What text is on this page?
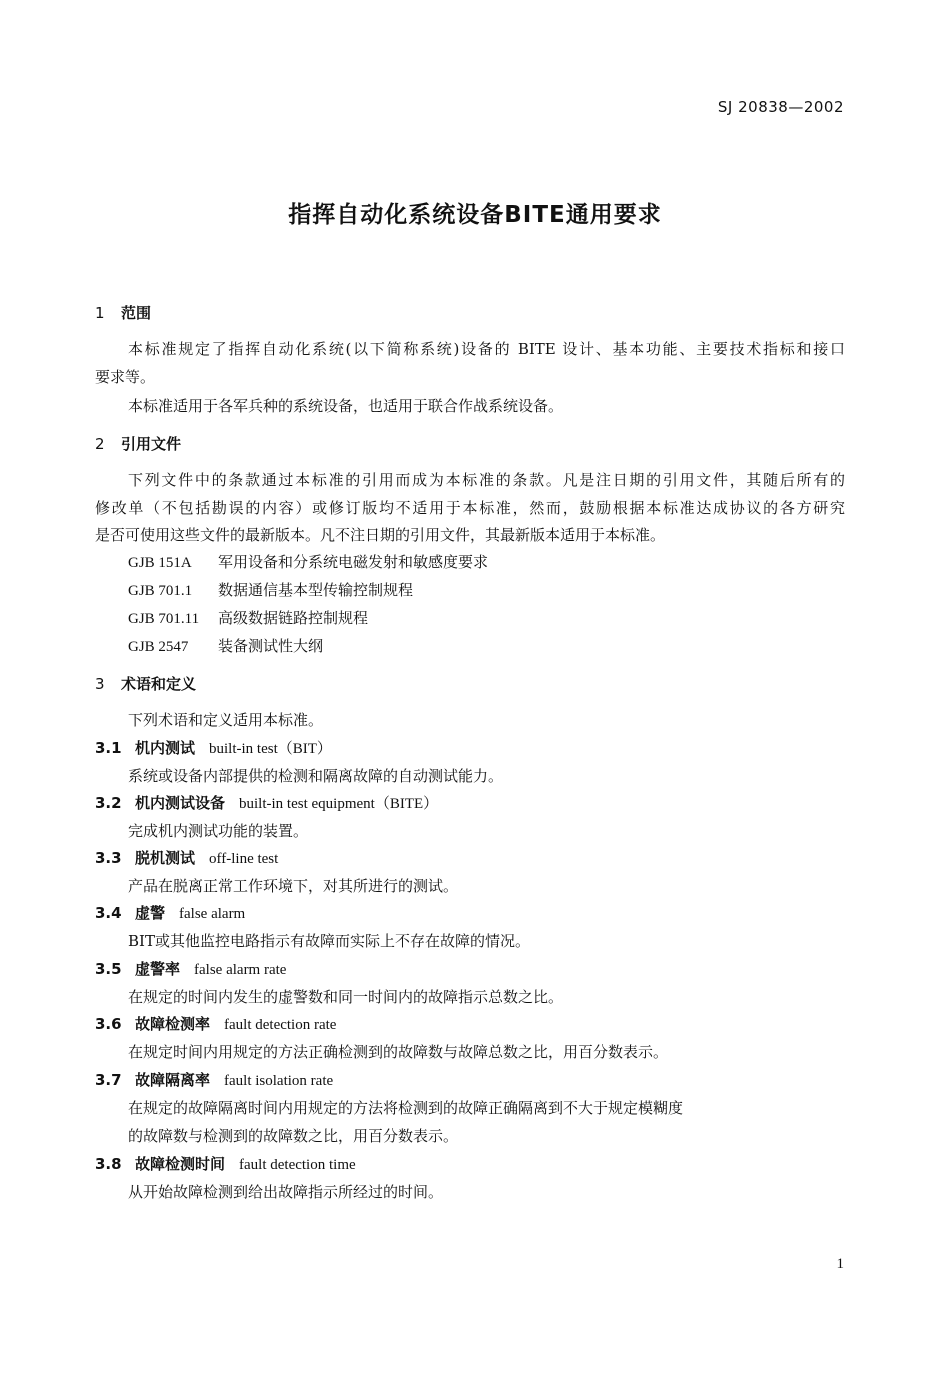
SJ 20838—2002
指挥自动化系统设备BITE通用要求
1 范围
本标准规定了指挥自动化系统(以下简称系统)设备的 BITE 设计、基本功能、主要技术指标和接口
要求等。
本标准适用于各军兵种的系统设备，也适用于联合作战系统设备。
2 引用文件
下列文件中的条款通过本标准的引用而成为本标准的条款。凡是注日期的引用文件，其随后所有的
修改单（不包括勘误的内容）或修订版均不适用于本标准，然而，鼓励根据本标准达成协议的各方研究
是否可使用这些文件的最新版本。凡不注日期的引用文件，其最新版本适用于本标准。
GJB 151A 军用设备和分系统电磁发射和敏感度要求
GJB 701.1 数据通信基本型传输控制规程
GJB 701.11 高级数据链路控制规程
GJB 2547 装备测试性大纲
3 术语和定义
下列术语和定义适用本标准。
3.1 机内测试 built-in test（BIT）
系统或设备内部提供的检测和隔离故障的自动测试能力。
3.2 机内测试设备 built-in test equipment（BITE）
完成机内测试功能的装置。
3.3 脱机测试 off-line test
产品在脱离正常工作环境下，对其所进行的测试。
3.4 虚警 false alarm
BIT或其他监控电路指示有故障而实际上不存在故障的情况。
3.5 虚警率 false alarm rate
在规定的时间内发生的虚警数和同一时间内的故障指示总数之比。
3.6 故障检测率 fault detection rate
在规定时间内用规定的方法正确检测到的故障数与故障总数之比，用百分数表示。
3.7 故障隔离率 fault isolation rate
在规定的故障隔离时间内用规定的方法将检测到的故障正确隔离到不大于规定模糊度
的故障数与检测到的故障数之比，用百分数表示。
3.8 故障检测时间 fault detection time
从开始故障检测到给出故障指示所经过的时间。
1
